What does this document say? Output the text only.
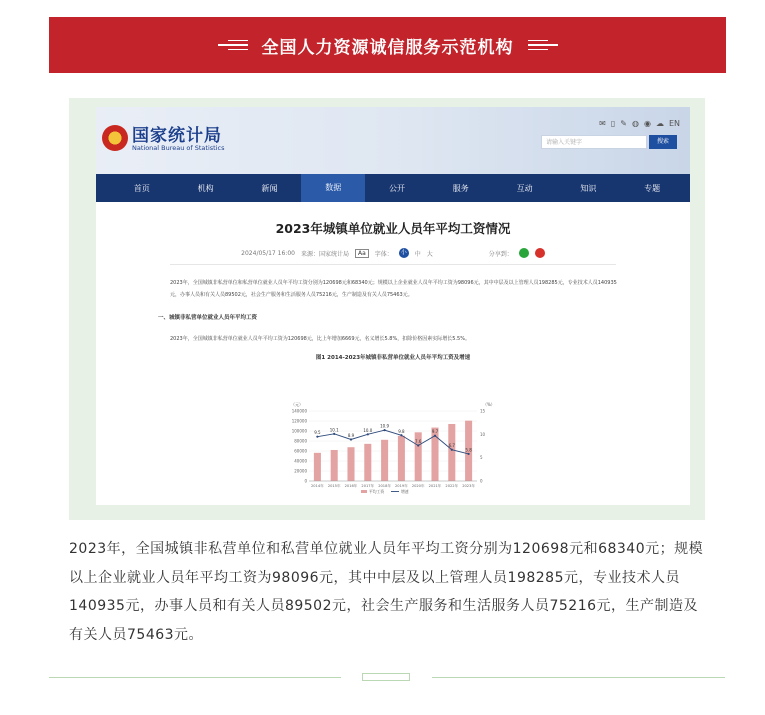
全国人力资源诚信服务示范机构
国家统计局
National Bureau of Statistics
✉ ▯ ✎ ◍ ◉ ☁ EN
请输入关键字	搜索
首页	机构	新闻	数据	公开	服务	互动	知识	专题
2023年城镇单位就业人员年平均工资情况
2024/05/17 16:00 来源：国家统计局	Aa	字体：	小	中 大	分享到：

2023年，全国城镇非私营单位和私营单位就业人员年平均工资分别为120698元和68340元；规模以上企业就业人员年平均工资为98096元，其中中层及以上管理人员198285元，专业技术人员140935元，办事人员和有关人员89502元，社会生产服务和生活服务人员75216元，生产制造及有关人员75463元。

一、城镇非私营单位就业人员年平均工资

2023年，全国城镇非私营单位就业人员年平均工资为120698元，比上年增加6669元，名义增长5.8%，扣除价格因素实际增长5.5%。

图1 2014-2023年城镇非私营单位就业人员年平均工资及增速
（元）	（%）
140000
120000
100000
80000
60000
40000
20000
0
15
10
5
0
2014年 2015年 2016年 2017年 2018年 2019年 2020年 2021年 2022年 2023年
9.5
10.1
8.9
10.0
10.9
9.8
7.6
9.7
6.7
5.8
平均工资	增速

2023年，全国城镇非私营单位和私营单位就业人员年平均工资分别为120698元和68340元；规模以上企业就业人员年平均工资为98096元，其中中层及以上管理人员198285元，专业技术人员140935元，办事人员和有关人员89502元，社会生产服务和生活服务人员75216元，生产制造及有关人员75463元。
